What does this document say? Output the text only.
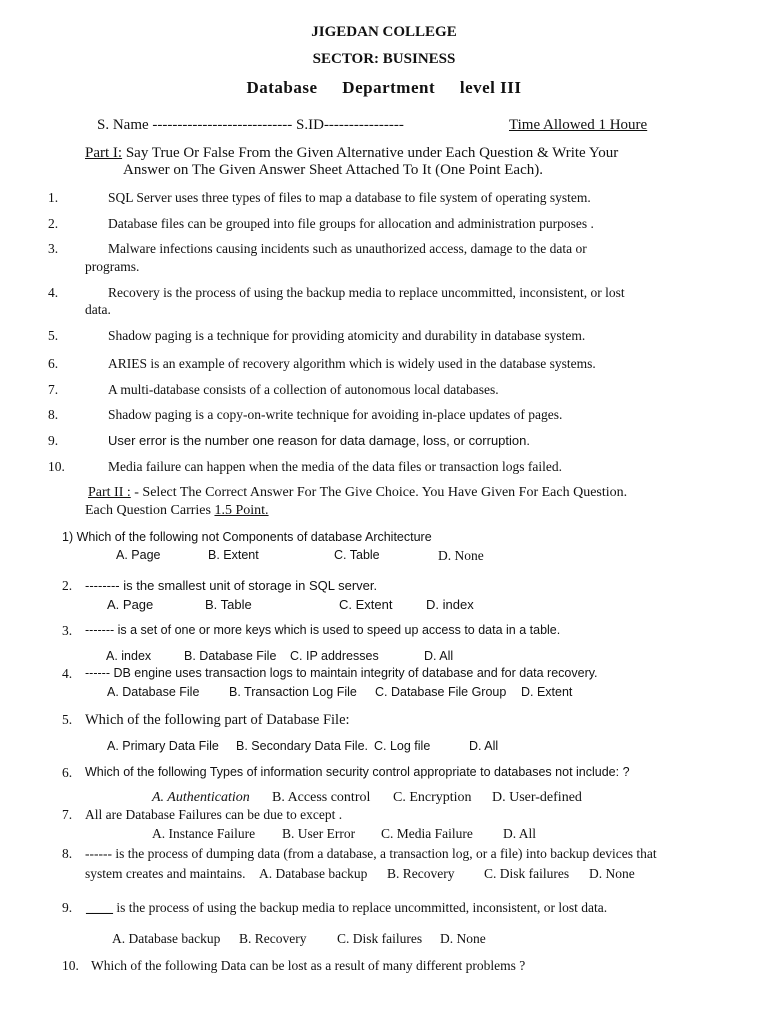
JIGEDAN COLLEGE
SECTOR: BUSINESS
Database Department level III
S. Name ---------------------------- S.ID----------------	Time Allowed 1 Houre
Part I: Say True Or False From the Given Alternative under Each Question & Write Your
Answer on The Given Answer Sheet Attached To It (One Point Each).
1.	SQL Server uses three types of files to map a database to file system of operating system.
2.	Database files can be grouped into file groups for allocation and administration purposes .
3.	Malware infections causing incidents such as unauthorized access, damage to the data or
programs.
4.	Recovery is the process of using the backup media to replace uncommitted, inconsistent, or lost
data.
5.	Shadow paging is a technique for providing atomicity and durability in database system.
6.	ARIES is an example of recovery algorithm which is widely used in the database systems.
7.	A multi-database consists of a collection of autonomous local databases.
8.	Shadow paging is a copy-on-write technique for avoiding in-place updates of pages.
9.	User error is the number one reason for data damage, loss, or corruption.
10.	Media failure can happen when the media of the data files or transaction logs failed.
Part II : - Select The Correct Answer For The Give Choice. You Have Given For Each Question.
Each Question Carries 1.5 Point.
1) Which of the following not Components of database Architecture
A. Page	B. Extent	C. Table	D. None
2. -------- is the smallest unit of storage in SQL server.
A. Page	B. Table	C. Extent	D. index
3. ------- is a set of one or more keys which is used to speed up access to data in a table.
A. index	B. Database File C. IP addresses	D. All
4. ------ DB engine uses transaction logs to maintain integrity of database and for data recovery.
A. Database File B. Transaction Log File C. Database File Group D. Extent
5. Which of the following part of Database File:
A. Primary Data File B. Secondary Data File. C. Log file	D. All
6. Which of the following Types of information security control appropriate to databases not include: ?
A. Authentication B. Access control C. Encryption D. User-defined
7. All are Database Failures can be due to except .
A. Instance Failure B. User Error C. Media Failure D. All
8. ------ is the process of dumping data (from a database, a transaction log, or a file) into backup devices that
system creates and maintains. A. Database backup B. Recovery C. Disk failures D. None
9. ____ is the process of using the backup media to replace uncommitted, inconsistent, or lost data.
A. Database backup B. Recovery C. Disk failures D. None
10. Which of the following Data can be lost as a result of many different problems ?
